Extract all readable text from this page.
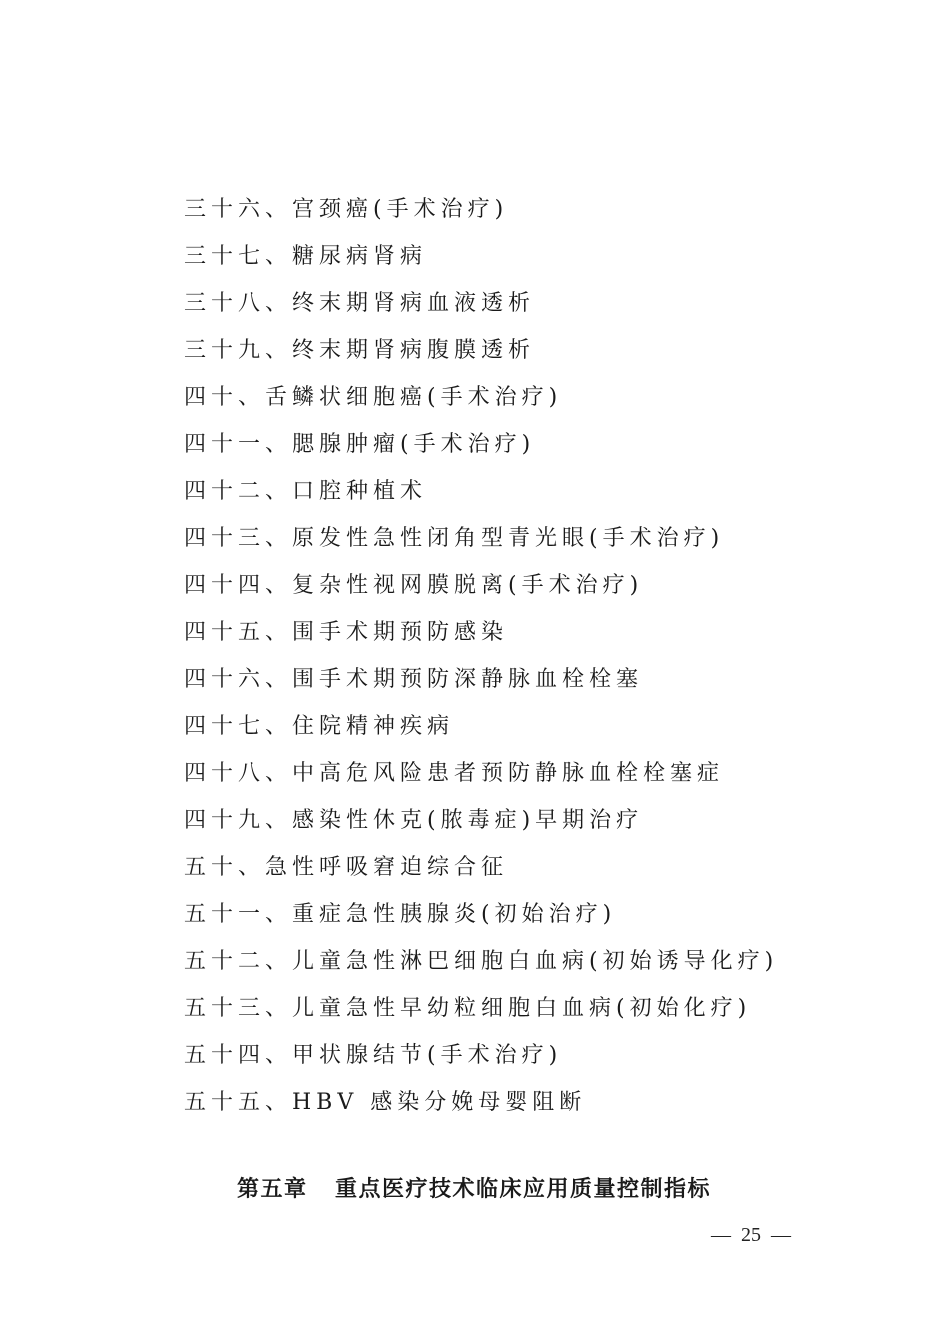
三十六、宫颈癌(手术治疗)
三十七、糖尿病肾病
三十八、终末期肾病血液透析
三十九、终末期肾病腹膜透析
四十、舌鳞状细胞癌(手术治疗)
四十一、腮腺肿瘤(手术治疗)
四十二、口腔种植术
四十三、原发性急性闭角型青光眼(手术治疗)
四十四、复杂性视网膜脱离(手术治疗)
四十五、围手术期预防感染
四十六、围手术期预防深静脉血栓栓塞
四十七、住院精神疾病
四十八、中高危风险患者预防静脉血栓栓塞症
四十九、感染性休克(脓毒症)早期治疗
五十、急性呼吸窘迫综合征
五十一、重症急性胰腺炎(初始治疗)
五十二、儿童急性淋巴细胞白血病(初始诱导化疗)
五十三、儿童急性早幼粒细胞白血病(初始化疗)
五十四、甲状腺结节(手术治疗)
五十五、HBV 感染分娩母婴阻断
第五章   重点医疗技术临床应用质量控制指标
—  25  —
